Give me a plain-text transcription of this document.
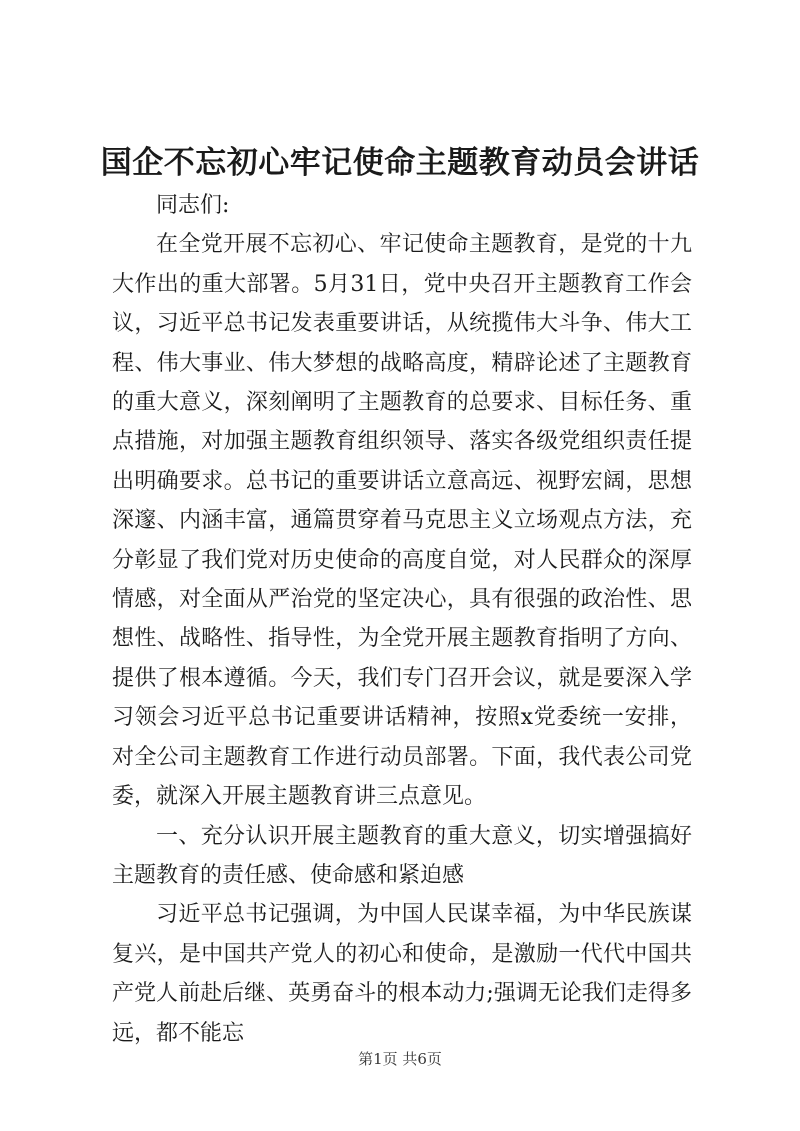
国企不忘初心牢记使命主题教育动员会讲话

同志们:

在全党开展不忘初心、牢记使命主题教育，是党的十九大作出的重大部署。5月31日，党中央召开主题教育工作会议，习近平总书记发表重要讲话，从统揽伟大斗争、伟大工程、伟大事业、伟大梦想的战略高度，精辟论述了主题教育的重大意义，深刻阐明了主题教育的总要求、目标任务、重点措施，对加强主题教育组织领导、落实各级党组织责任提出明确要求。总书记的重要讲话立意高远、视野宏阔，思想深邃、内涵丰富，通篇贯穿着马克思主义立场观点方法，充分彰显了我们党对历史使命的高度自觉，对人民群众的深厚情感，对全面从严治党的坚定决心，具有很强的政治性、思想性、战略性、指导性，为全党开展主题教育指明了方向、提供了根本遵循。今天，我们专门召开会议，就是要深入学习领会习近平总书记重要讲话精神，按照x党委统一安排，对全公司主题教育工作进行动员部署。下面，我代表公司党委，就深入开展主题教育讲三点意见。

一、充分认识开展主题教育的重大意义，切实增强搞好主题教育的责任感、使命感和紧迫感

习近平总书记强调，为中国人民谋幸福，为中华民族谋复兴，是中国共产党人的初心和使命，是激励一代代中国共产党人前赴后继、英勇奋斗的根本动力;强调无论我们走得多远，都不能忘

第1页 共6页
